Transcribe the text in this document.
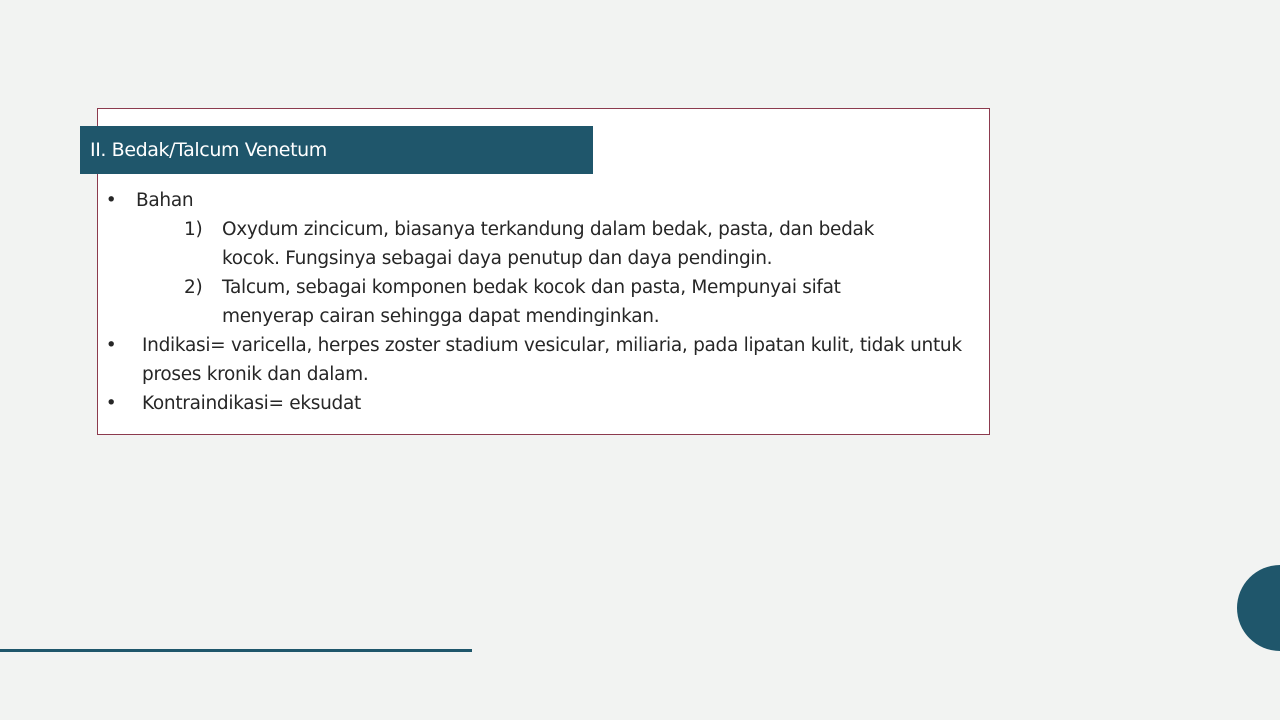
II. Bedak/Talcum Venetum
• Bahan
1) Oxydum zincicum, biasanya terkandung dalam bedak, pasta, dan bedak kocok. Fungsinya sebagai daya penutup dan daya pendingin.
2) Talcum, sebagai komponen bedak kocok dan pasta, Mempunyai sifat menyerap cairan sehingga dapat mendinginkan.
• Indikasi= varicella, herpes zoster stadium vesicular, miliaria, pada lipatan kulit, tidak untuk proses kronik dan dalam.
• Kontraindikasi= eksudat
